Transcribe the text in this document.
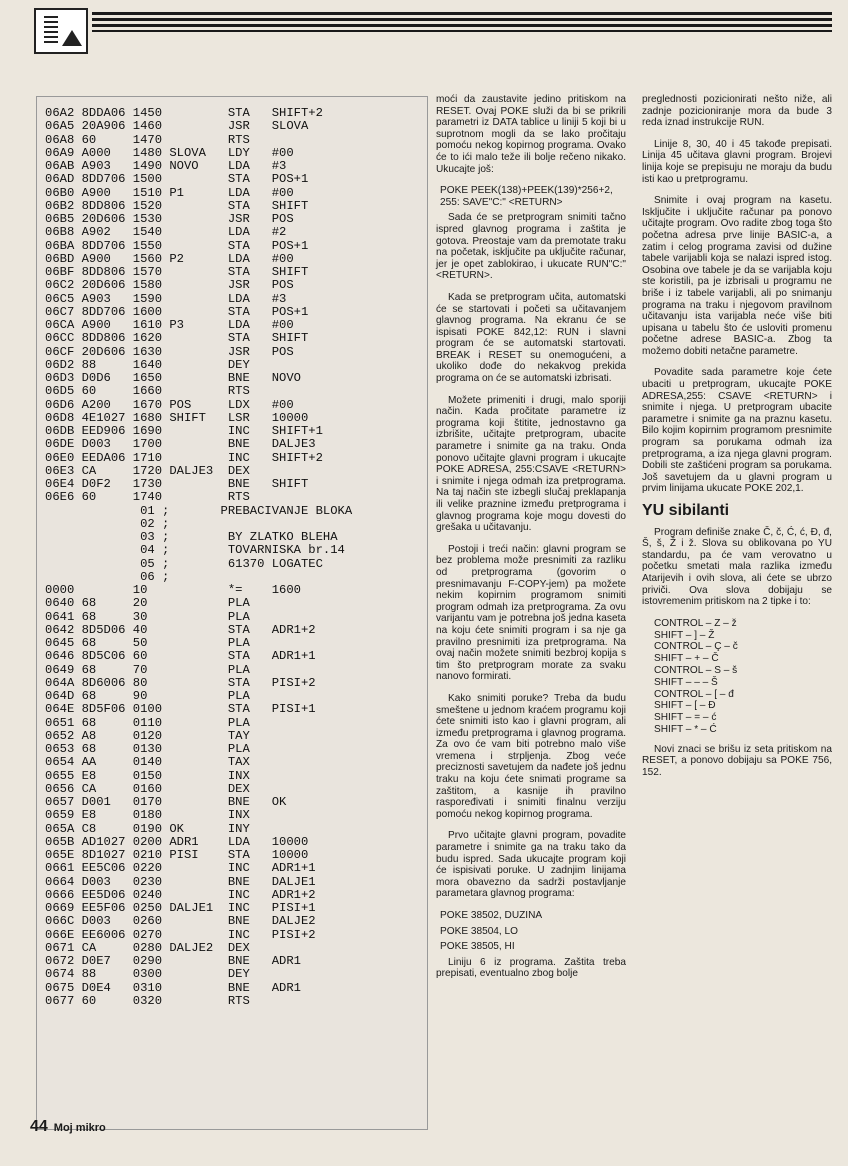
06A2 8DDA06 1450         STA   SHIFT+2
06A5 20A906 1460         JSR   SLOVA
06A8 60     1470         RTS
06A9 A000   1480 SLOVA   LDY   #00
06AB A903   1490 NOVO    LDA   #3
06AD 8DD706 1500         STA   POS+1
06B0 A900   1510 P1      LDA   #00
06B2 8DD806 1520         STA   SHIFT
06B5 20D606 1530         JSR   POS
06B8 A902   1540         LDA   #2
06BA 8DD706 1550         STA   POS+1
06BD A900   1560 P2      LDA   #00
06BF 8DD806 1570         STA   SHIFT
06C2 20D606 1580         JSR   POS
06C5 A903   1590         LDA   #3
06C7 8DD706 1600         STA   POS+1
06CA A900   1610 P3      LDA   #00
06CC 8DD806 1620         STA   SHIFT
06CF 20D606 1630         JSR   POS
06D2 88     1640         DEY
06D3 D0D6   1650         BNE   NOVO
06D5 60     1660         RTS
06D6 A200   1670 POS     LDX   #00
06D8 4E1027 1680 SHIFT   LSR   10000
06DB EED906 1690         INC   SHIFT+1
06DE D003   1700         BNE   DALJE3
06E0 EEDA06 1710         INC   SHIFT+2
06E3 CA     1720 DALJE3  DEX
06E4 D0F2   1730         BNE   SHIFT
06E6 60     1740         RTS
01 ;       PREBACIVANJE BLOKA
02 ;
03 ;        BY ZLATKO BLEHA
04 ;        TOVARNISKA br.14
05 ;        61370 LOGATEC
06 ;
0000        10           *=    1600
0640 68     20           PLA
0641 68     30           PLA
0642 8D5D06 40           STA   ADR1+2
0645 68     50           PLA
0646 8D5C06 60           STA   ADR1+1
0649 68     70           PLA
064A 8D6006 80           STA   PISI+2
064D 68     90           PLA
064E 8D5F06 0100         STA   PISI+1
0651 68     0110         PLA
0652 A8     0120         TAY
0653 68     0130         PLA
0654 AA     0140         TAX
0655 E8     0150         INX
0656 CA     0160         DEX
0657 D001   0170         BNE   OK
0659 E8     0180         INX
065A C8     0190 OK      INY
065B AD1027 0200 ADR1    LDA   10000
065E 8D1027 0210 PISI    STA   10000
0661 EE5C06 0220         INC   ADR1+1
0664 D003   0230         BNE   DALJE1
0666 EE5D06 0240         INC   ADR1+2
0669 EE5F06 0250 DALJE1  INC   PISI+1
066C D003   0260         BNE   DALJE2
066E EE6006 0270         INC   PISI+2
0671 CA     0280 DALJE2  DEX
0672 D0E7   0290         BNE   ADR1
0674 88     0300         DEY
0675 D0E4   0310         BNE   ADR1
0677 60     0320         RTS

moći da zaustavite jedino pritiskom na RESET. Ovaj POKE služi da bi se prikrili parametri iz DATA tablice u liniji 5 koji bi u suprotnom mogli da se lako pročitaju pomoću nekog kopirnog programa. Ovako će to ići malo teže ili bolje rečeno nikako. Ukucajte još:

POKE PEEK(138)+PEEK(139)*256+2, 255: SAVE"C:" <RETURN>

Sada će se pretprogram snimiti tačno ispred glavnog programa i zaštita je gotova. Preostaje vam da premotate traku na početak, isključite pa uključite računar, jer je opet zablokirao, i ukucate RUN"C:" <RETURN>.

Kada se pretprogram učita, automatski će se startovati i početi sa učitavanjem glavnog programa. Na ekranu će se ispisati POKE 842,12: RUN i slavni program će se automatski startovati. BREAK i RESET su onemogućeni, a ukoliko dođe do nekakvog prekida programa on će se automatski izbrisati.

Možete primeniti i drugi, malo sporiji način. Kada pročitate parametre iz programa koji štitite, jednostavno ga izbrišite, učitajte pretprogram, ubacite parametre i snimite ga na traku. Onda ponovo učitajte glavni program i ukucajte POKE ADRESA, 255:CSAVE <RETURN> i snimite i njega odmah iza pretprograma. Na taj način ste izbegli slučaj preklapanja ili velike praznine između pretprograma i glavnog programa koje mogu dovesti do grešaka u učitavanju.

Postoji i treći način: glavni program se bez problema može presnimiti za razliku od pretprograma (govorim o presnimavanju F-COPY-jem) pa možete nekim kopirnim programom snimiti program odmah iza pretprograma. Za ovu varijantu vam je potrebna još jedna kaseta na koju ćete snimiti program i sa nje ga pravilno presnimiti iza pretprograma. Na ovaj način možete snimiti bezbroj kopija s tim što pretprogram morate za svaku nanovo formirati.

Kako snimiti poruke? Treba da budu smeštene u jednom kraćem programu koji ćete snimiti isto kao i glavni program, ali između pretprograma i glavnog programa. Za ovo će vam biti potrebno malo više vremena i strpljenja. Zbog veće preciznosti savetujem da nađete još jednu traku na koju ćete snimati programe sa zaštitom, a kasnije ih pravilno raspoređivati i snimiti finalnu verziju pomoću nekog kopirnog programa.

Prvo učitajte glavni program, povadite parametre i snimite ga na traku tako da budu ispred. Sada ukucajte program koji će ispisivati poruke. U zadnjim linijama mora obavezno da sadrži postavljanje parametara glavnog programa:

POKE 38502, DUZINA

POKE 38504, LO

POKE 38505, HI

Liniju 6 iz programa. Zaštita treba prepisati, eventualno zbog bolje

preglednosti pozicionirati nešto niže, ali zadnje pozicioniranje mora da bude 3 reda iznad instrukcije RUN.

Linije 8, 30, 40 i 45 takođe prepisati. Linija 45 učitava glavni program. Brojevi linija koje se prepisuju ne moraju da budu isti kao u pretprogramu.

Snimite i ovaj program na kasetu. Isključite i uključite računar pa ponovo učitajte program. Ovo radite zbog toga što početna adresa prve linije BASIC-a, a zatim i celog programa zavisi od dužine tabele varijabli koja se nalazi ispred istog. Osobina ove tabele je da se varijabla koju ste koristili, pa je izbrisali u programu ne briše i iz tabele varijabli, ali po snimanju programa na traku i njegovom pravilnom učitavanju ista varijabla neće više biti upisana u tabelu što će usloviti promenu početne adrese BASIC-a. Zbog ta možemo dobiti netačne parametre.

Povadite sada parametre koje ćete ubaciti u pretprogram, ukucajte POKE ADRESA,255: CSAVE <RETURN> i snimite i njega. U pretprogram ubacite parametre i snimite ga na praznu kasetu. Bilo kojim kopirnim programom presnimite program sa porukama odmah iza pretprograma, a iza njega glavni program. Dobili ste zaštićeni program sa porukama. Još savetujem da u glavni program u prvim linijama ukucate POKE 202,1.

YU sibilanti

Program definiše znake Č, č, Ć, ć, Đ, đ, Š, š, Ž i ž. Slova su oblikovana po YU standardu, pa će vam verovatno u početku smetati mala razlika između Atarijevih i ovih slova, ali ćete se ubrzo priviči. Ova slova dobijaju se istovremenim pritiskom na 2 tipke i to:

CONTROL – Z – ž
SHIFT – ] – Ž
CONTROL – Ç – č
SHIFT – + – Č
CONTROL – S – š
SHIFT – – – Š
CONTROL – [ – đ
SHIFT – [ – Đ
SHIFT – = – ć
SHIFT – * – Ć

Novi znaci se brišu iz seta pritiskom na RESET, a ponovo dobijaju sa POKE 756, 152.

44 Moj mikro
